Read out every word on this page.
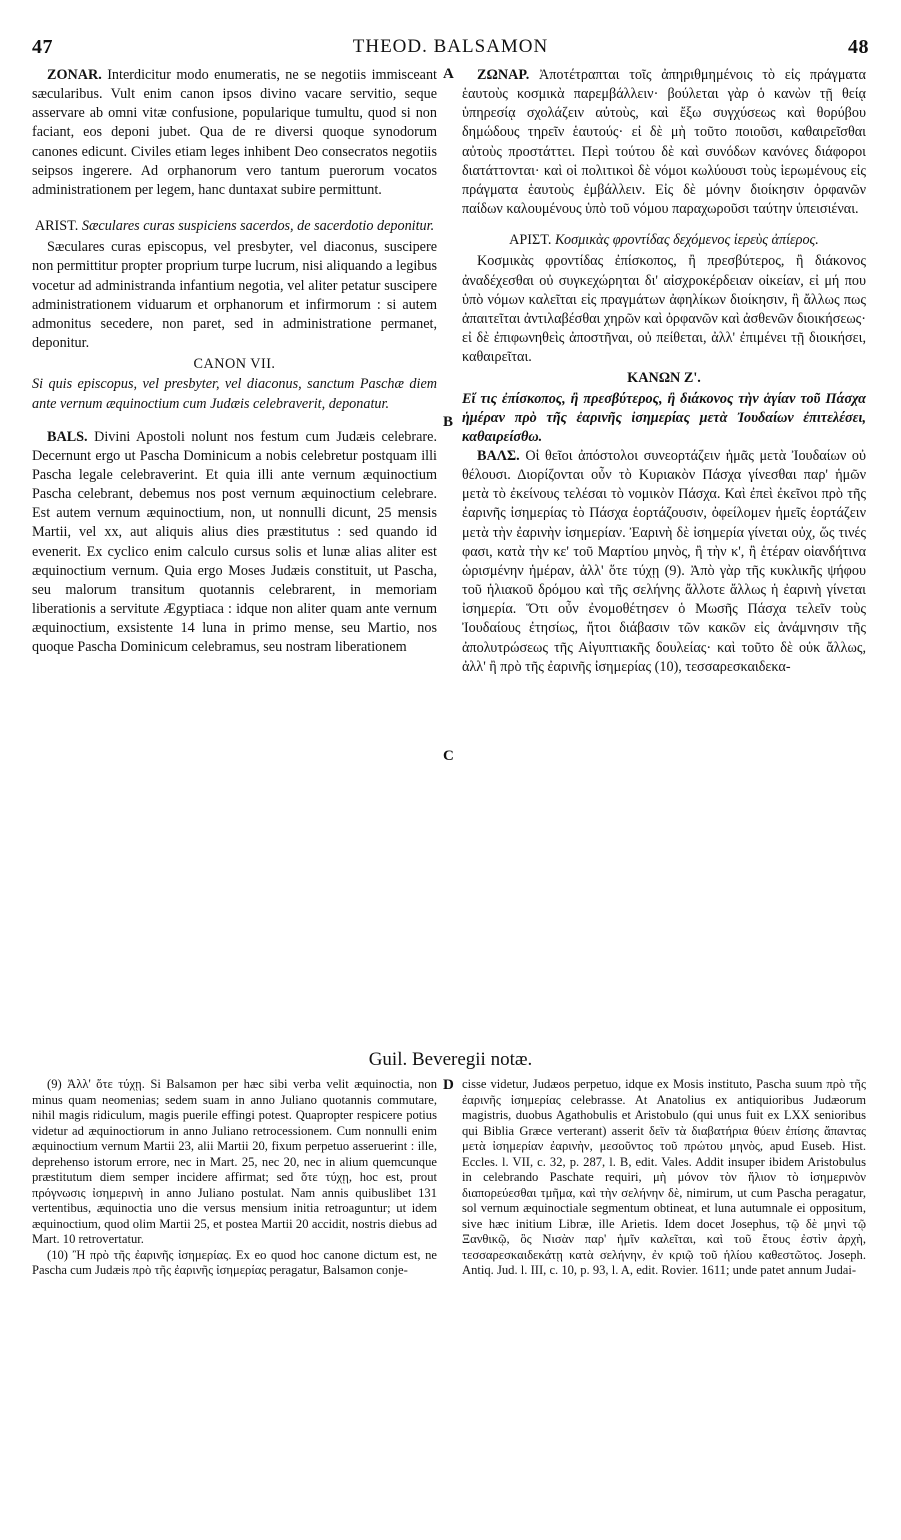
47	THEOD. BALSAMON	48
A
B
C
D

ZONAR. Interdicitur modo enumeratis, ne se negotiis immisceant sæcularibus. Vult enim canon ipsos divino vacare servitio, seque asservare ab omni vitæ confusione, popularique tumultu, quod si non faciant, eos deponi jubet. Qua de re diversi quoque synodorum canones edicunt. Civiles etiam leges inhibent Deo consecratos negotiis seipsos ingerere. Ad orphanorum vero tantum puerorum vocatos administrationem per legem, hanc duntaxat subire permittunt.

ARIST. Sæculares curas suspiciens sacerdos, de sacerdotio deponitur.

Sæculares curas episcopus, vel presbyter, vel diaconus, suscipere non permittitur propter proprium turpe lucrum, nisi aliquando a legibus vocetur ad administranda infantium negotia, vel aliter petatur suscipere administrationem viduarum et orphanorum et infirmorum : si autem admonitus secedere, non paret, sed in administratione permanet, deponitur.

CANON VII.

Si quis episcopus, vel presbyter, vel diaconus, sanctum Paschæ diem ante vernum æquinoctium cum Judæis celebraverit, deponatur.

BALS. Divini Apostoli nolunt nos festum cum Judæis celebrare. Decernunt ergo ut Pascha Dominicum a nobis celebretur postquam illi Pascha legale celebraverint. Et quia illi ante vernum æquinoctium Pascha celebrant, debemus nos post vernum æquinoctium celebrare. Est autem vernum æquinoctium, non, ut nonnulli dicunt, 25 mensis Martii, vel xx, aut aliquis alius dies præstitutus : sed quando id evenerit. Ex cyclico enim calculo cursus solis et lunæ alias aliter est æquinoctium vernum. Quia ergo Moses Judæis constituit, ut Pascha, seu malorum transitum quotannis celebrarent, in memoriam liberationis a servitute Ægyptiaca : idque non aliter quam ante vernum æquinoctium, exsistente 14 luna in primo mense, seu Martio, nos quoque Pascha Dominicum celebramus, seu nostram liberationem

ΖΩΝΑΡ. Ἀποτέτραπται τοῖς ἀπηριθμημένοις τὸ εἰς πράγματα ἑαυτοὺς κοσμικὰ παρεμβάλλειν· βούλεται γὰρ ὁ κανὼν τῇ θείᾳ ὑπηρεσίᾳ σχολάζειν αὐτοὺς, καὶ ἔξω συγχύσεως καὶ θορύβου δημώδους τηρεῖν ἑαυτούς· εἰ δὲ μὴ τοῦτο ποιοῦσι, καθαιρεῖσθαι αὐτοὺς προστάττει. Περὶ τούτου δὲ καὶ συνόδων κανόνες διάφοροι διατάττονται· καὶ οἱ πολιτικοὶ δὲ νόμοι κωλύουσι τοὺς ἱερωμένους εἰς πράγματα ἑαυτοὺς ἐμβάλλειν. Εἰς δὲ μόνην διοίκησιν ὀρφανῶν παίδων καλουμένους ὑπὸ τοῦ νόμου παραχωροῦσι ταύτην ὑπεισιέναι.

ΑΡΙΣΤ. Κοσμικὰς φροντίδας δεχόμενος ἱερεὺς ἀπίερος.

Κοσμικὰς φροντίδας ἐπίσκοπος, ἢ πρεσβύτερος, ἢ διάκονος ἀναδέχεσθαι οὐ συγκεχώρηται δι' αἰσχροκέρδειαν οἰκείαν, εἰ μή που ὑπὸ νόμων καλεῖται εἰς πραγμάτων ἀφηλίκων διοίκησιν, ἢ ἄλλως πως ἀπαιτεῖται ἀντιλαβέσθαι χηρῶν καὶ ὀρφανῶν καὶ ἀσθενῶν διοικήσεως· εἰ δὲ ἐπιφωνηθεὶς ἀποστῆναι, οὐ πείθεται, ἀλλ' ἐπιμένει τῇ διοικήσει, καθαιρεῖται.

ΚΑΝΩΝ Ζ'.

Εἴ τις ἐπίσκοπος, ἢ πρεσβύτερος, ἢ διάκονος τὴν ἁγίαν τοῦ Πάσχα ἡμέραν πρὸ τῆς ἐαρινῆς ἰσημερίας μετὰ Ἰουδαίων ἐπιτελέσει, καθαιρείσθω.

ΒΑΛΣ. Οἱ θεῖοι ἀπόστολοι συνεορτάζειν ἡμᾶς μετὰ Ἰουδαίων οὐ θέλουσι. Διορίζονται οὖν τὸ Κυριακὸν Πάσχα γίνεσθαι παρ' ἡμῶν μετὰ τὸ ἐκείνους τελέσαι τὸ νομικὸν Πάσχα. Καὶ ἐπεὶ ἐκεῖνοι πρὸ τῆς ἐαρινῆς ἰσημερίας τὸ Πάσχα ἑορτάζουσιν, ὀφείλομεν ἡμεῖς ἑορτάζειν μετὰ τὴν ἐαρινὴν ἰσημερίαν. Ἐαρινὴ δὲ ἰσημερία γίνεται οὐχ, ὥς τινές φασι, κατὰ τὴν κε' τοῦ Μαρτίου μηνὸς, ἢ τὴν κ', ἢ ἑτέραν οἱανδήτινα ὡρισμένην ἡμέραν, ἀλλ' ὅτε τύχῃ (9). Ἀπὸ γὰρ τῆς κυκλικῆς ψήφου τοῦ ἡλιακοῦ δρόμου καὶ τῆς σελήνης ἄλλοτε ἄλλως ἡ ἐαρινὴ γίνεται ἰσημερία. Ὅτι οὖν ἐνομοθέτησεν ὁ Μωσῆς Πάσχα τελεῖν τοὺς Ἰουδαίους ἐτησίως, ἤτοι διάβασιν τῶν κακῶν εἰς ἀνάμνησιν τῆς ἀπολυτρώσεως τῆς Αἰγυπτιακῆς δουλείας· καὶ τοῦτο δὲ οὐκ ἄλλως, ἀλλ' ἢ πρὸ τῆς ἐαρινῆς ἰσημερίας (10), τεσσαρεσκαιδεκα-

Guil. Beveregii notæ.

(9) Ἀλλ' ὅτε τύχῃ. Si Balsamon per hæc sibi verba velit æquinoctia, non minus quam neomenias; sedem suam in anno Juliano quotannis commutare, nihil magis ridiculum, magis puerile effingi potest. Quapropter respicere potius videtur ad æquinoctiorum in anno Juliano retrocessionem. Cum nonnulli enim æquinoctium vernum Martii 23, alii Martii 20, fixum perpetuo asseruerint : ille, deprehenso istorum errore, nec in Mart. 25, nec 20, nec in alium quemcunque præstitutum diem semper incidere affirmat; sed ὅτε τύχῃ, hoc est, prout πρόγνωσις ἰσημερινὴ in anno Juliano postulat. Nam annis quibuslibet 131 vertentibus, æquinoctia uno die versus mensium initia retroaguntur; ut idem æquinoctium, quod olim Martii 25, et postea Martii 20 accidit, nostris diebus ad Mart. 10 retrovertatur.

(10) Ἢ πρὸ τῆς ἐαρινῆς ἰσημερίας. Ex eo quod hoc canone dictum est, ne Pascha cum Judæis πρὸ τῆς ἐαρινῆς ἰσημερίας peragatur, Balsamon conje-

cisse videtur, Judæos perpetuo, idque ex Mosis instituto, Pascha suum πρὸ τῆς ἐαρινῆς ἰσημερίας celebrasse. At Anatolius ex antiquioribus Judæorum magistris, duobus Agathobulis et Aristobulo (qui unus fuit ex LXX senioribus qui Biblia Græce verterant) asserit δεῖν τὰ διαβατήρια θύειν ἐπίσης ἅπαντας μετὰ ἰσημερίαν ἐαρινὴν, μεσοῦντος τοῦ πρώτου μηνὸς, apud Euseb. Hist. Eccles. l. VII, c. 32, p. 287, l. B, edit. Vales. Addit insuper ibidem Aristobulus in celebrando Paschate requiri, μὴ μόνον τὸν ἥλιον τὸ ἰσημερινὸν διαπορεύεσθαι τμῆμα, καὶ τὴν σελήνην δὲ, nimirum, ut cum Pascha peragatur, sol vernum æquinoctiale segmentum obtineat, et luna autumnale ei oppositum, sive hæc initium Libræ, ille Arietis. Idem docet Josephus, τῷ δὲ μηνὶ τῷ Ξανθικῷ, ὃς Νισὰν παρ' ἡμῖν καλεῖται, καὶ τοῦ ἔτους ἐστὶν ἀρχὴ, τεσσαρεσκαιδεκάτῃ κατὰ σελήνην, ἐν κριῷ τοῦ ἡλίου καθεστῶτος. Joseph. Antiq. Jud. l. III, c. 10, p. 93, l. A, edit. Rovier. 1611; unde patet annum Judai-
